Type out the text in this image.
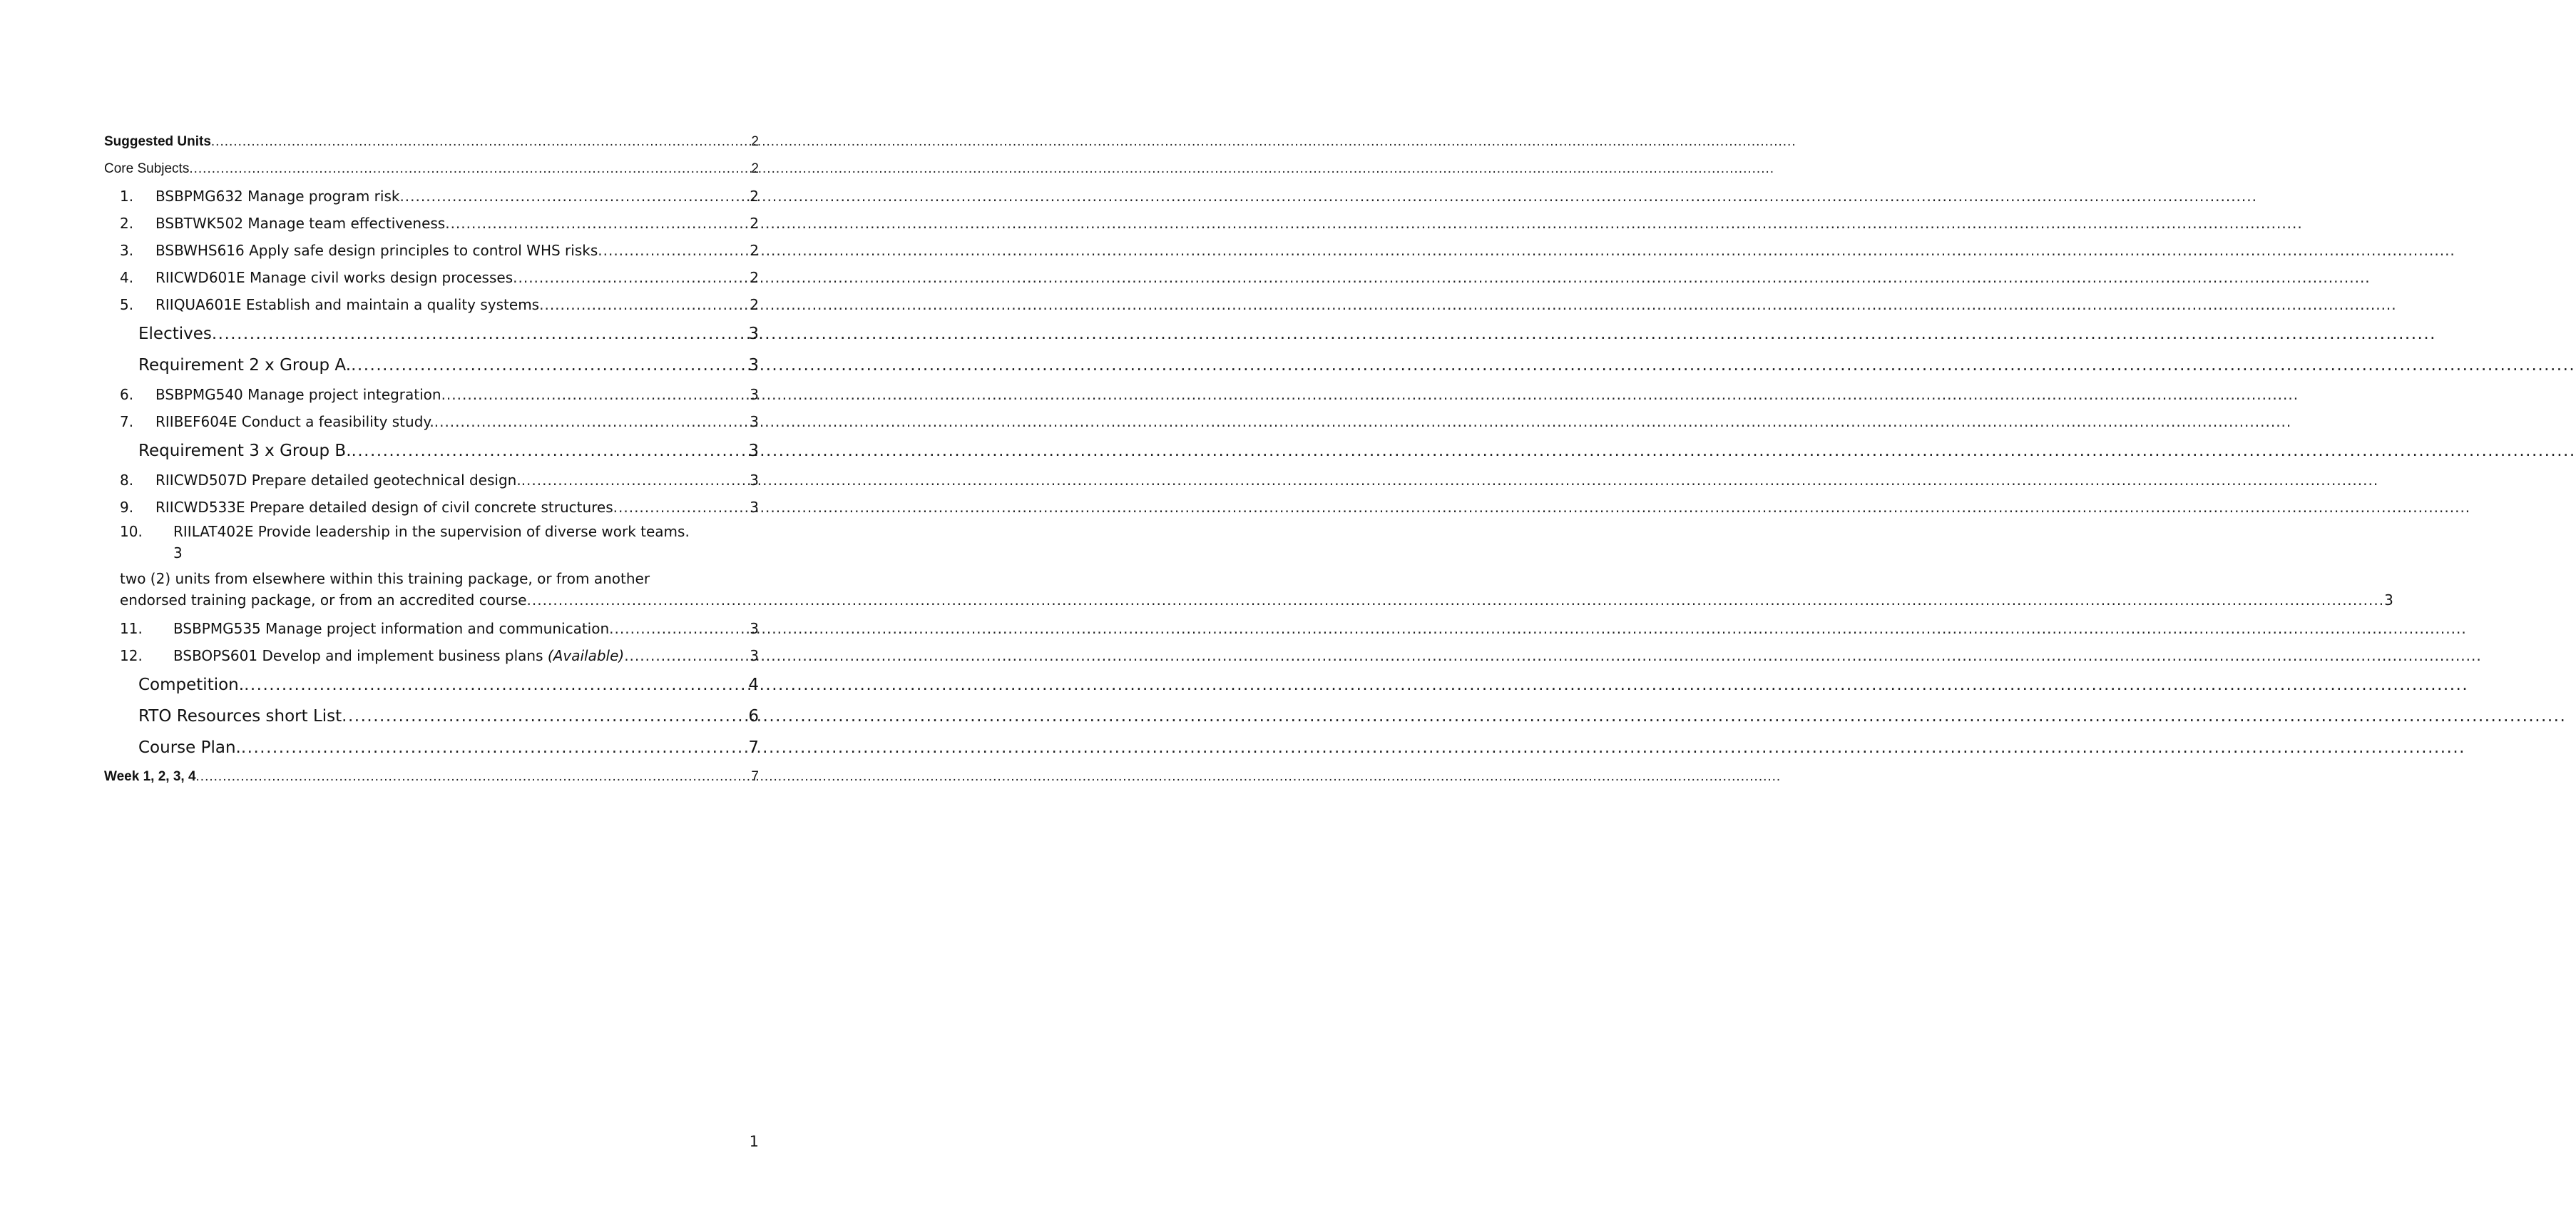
Suggested Units .....	2
Core Subjects .....	2
1.	BSBPMG632 Manage program risk .....	2
2.	BSBTWK502 Manage team effectiveness .....	2
3.	BSBWHS616 Apply safe design principles to control WHS risks .....	2
4.	RIICWD601E Manage civil works design processes .....	2
5.	RIIQUA601E Establish and maintain a quality systems .....	2
Electives .....	3
Requirement 2 x Group A. .....	3
6.	BSBPMG540 Manage project integration .....	3
7.	RIIBEF604E Conduct a feasibility study. .....	3
Requirement 3 x Group B. .....	3
8.	RIICWD507D Prepare detailed geotechnical design. .....	3
9.	RIICWD533E Prepare detailed design of civil concrete structures .....	3
10.	RIILAT402E Provide leadership in the supervision of diverse work teams.
3
two (2) units from elsewhere within this training package, or from another
endorsed training package, or from an accredited course .....	3
11.	BSBPMG535 Manage project information and communication .....	3
12.	BSBOPS601 Develop and implement business plans (Available) .....	3
Competition. .....	4
RTO Resources short List .....	6
Course Plan. .....	7
Week 1, 2, 3, 4 .....	7
1
